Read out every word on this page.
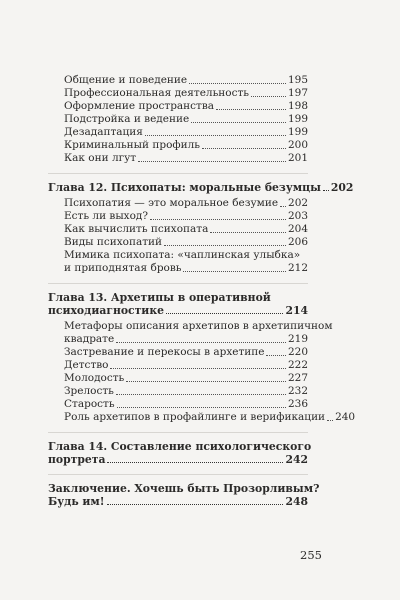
Общение и поведение	195
Профессиональная деятельность	197
Оформление пространства	198
Подстройка и ведение	199
Дезадаптация	199
Криминальный профиль	200
Как они лгут	201
Глава 12. Психопаты: моральные безумцы 202
Психопатия — это моральное безумие 202
Есть ли выход?	203
Как вычислить психопата	204
Виды психопатий	206
Мимика психопата: «чаплинская улыбка»
и приподнятая бровь	212
Глава 13. Архетипы в оперативной
психодиагностике	214
Метафоры описания архетипов в архетипичном
квадрате	219
Застревание и перекосы в архетипе 220
Детство	222
Молодость	227
Зрелость	232
Старость	236
Роль архетипов в профайлинге и верификации 240
Глава 14. Составление психологического
портрета	242
Заключение. Хочешь быть Прозорливым?
Будь им!	248
255
